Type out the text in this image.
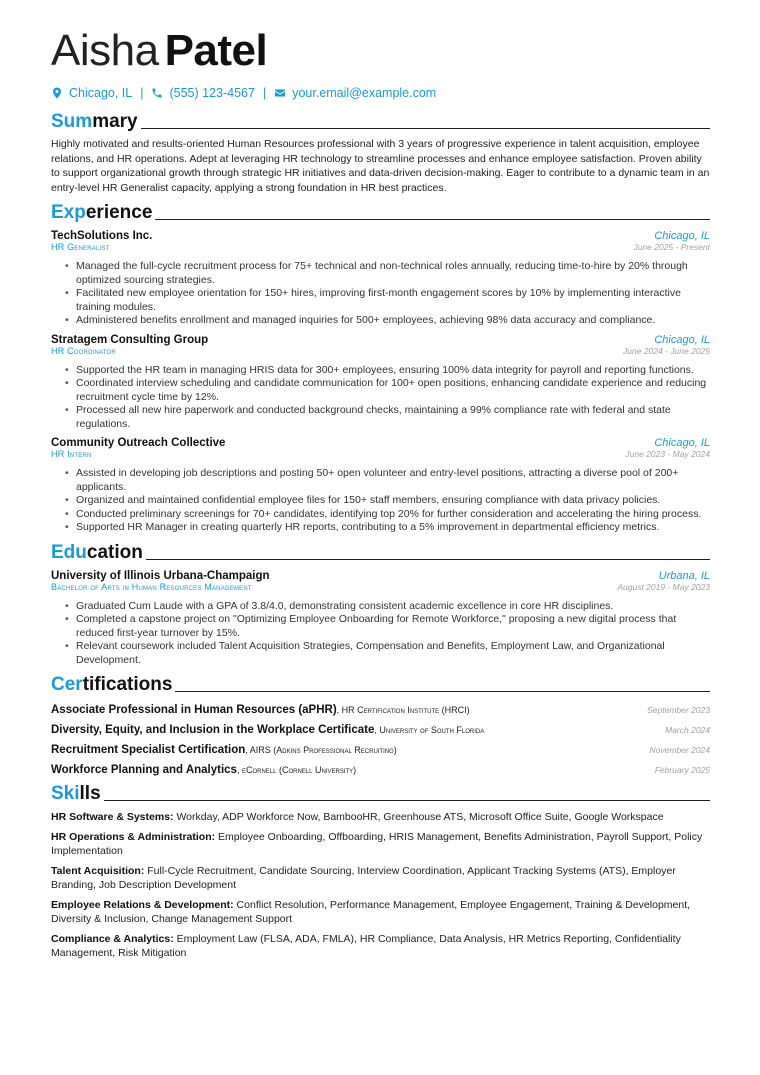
Aisha Patel
Chicago, IL | (555) 123-4567 | your.email@example.com
Summary
Highly motivated and results-oriented Human Resources professional with 3 years of progressive experience in talent acquisition, employee relations, and HR operations. Adept at leveraging HR technology to streamline processes and enhance employee satisfaction. Proven ability to support organizational growth through strategic HR initiatives and data-driven decision-making. Eager to contribute to a dynamic team in an entry-level HR Generalist capacity, applying a strong foundation in HR best practices.
Experience
TechSolutions Inc.	Chicago, IL
HR Generalist	June 2025 - Present
• Managed the full-cycle recruitment process for 75+ technical and non-technical roles annually, reducing time-to-hire by 20% through optimized sourcing strategies.
• Facilitated new employee orientation for 150+ hires, improving first-month engagement scores by 10% by implementing interactive training modules.
• Administered benefits enrollment and managed inquiries for 500+ employees, achieving 98% data accuracy and compliance.
Stratagem Consulting Group	Chicago, IL
HR Coordinator	June 2024 - June 2025
• Supported the HR team in managing HRIS data for 300+ employees, ensuring 100% data integrity for payroll and reporting functions.
• Coordinated interview scheduling and candidate communication for 100+ open positions, enhancing candidate experience and reducing recruitment cycle time by 12%.
• Processed all new hire paperwork and conducted background checks, maintaining a 99% compliance rate with federal and state regulations.
Community Outreach Collective	Chicago, IL
HR Intern	June 2023 - May 2024
• Assisted in developing job descriptions and posting 50+ open volunteer and entry-level positions, attracting a diverse pool of 200+ applicants.
• Organized and maintained confidential employee files for 150+ staff members, ensuring compliance with data privacy policies.
• Conducted preliminary screenings for 70+ candidates, identifying top 20% for further consideration and accelerating the hiring process.
• Supported HR Manager in creating quarterly HR reports, contributing to a 5% improvement in departmental efficiency metrics.
Education
University of Illinois Urbana-Champaign	Urbana, IL
Bachelor of Arts in Human Resources Management	August 2019 - May 2023
• Graduated Cum Laude with a GPA of 3.8/4.0, demonstrating consistent academic excellence in core HR disciplines.
• Completed a capstone project on "Optimizing Employee Onboarding for Remote Workforce," proposing a new digital process that reduced first-year turnover by 15%.
• Relevant coursework included Talent Acquisition Strategies, Compensation and Benefits, Employment Law, and Organizational Development.
Certifications
Associate Professional in Human Resources (aPHR), HR Certification Institute (HRCI)	September 2023
Diversity, Equity, and Inclusion in the Workplace Certificate, University of South Florida	March 2024
Recruitment Specialist Certification, AIRS (Adkins Professional Recruiting)	November 2024
Workforce Planning and Analytics, eCornell (Cornell University)	February 2025
Skills
HR Software & Systems: Workday, ADP Workforce Now, BambooHR, Greenhouse ATS, Microsoft Office Suite, Google Workspace
HR Operations & Administration: Employee Onboarding, Offboarding, HRIS Management, Benefits Administration, Payroll Support, Policy Implementation
Talent Acquisition: Full-Cycle Recruitment, Candidate Sourcing, Interview Coordination, Applicant Tracking Systems (ATS), Employer Branding, Job Description Development
Employee Relations & Development: Conflict Resolution, Performance Management, Employee Engagement, Training & Development, Diversity & Inclusion, Change Management Support
Compliance & Analytics: Employment Law (FLSA, ADA, FMLA), HR Compliance, Data Analysis, HR Metrics Reporting, Confidentiality Management, Risk Mitigation
